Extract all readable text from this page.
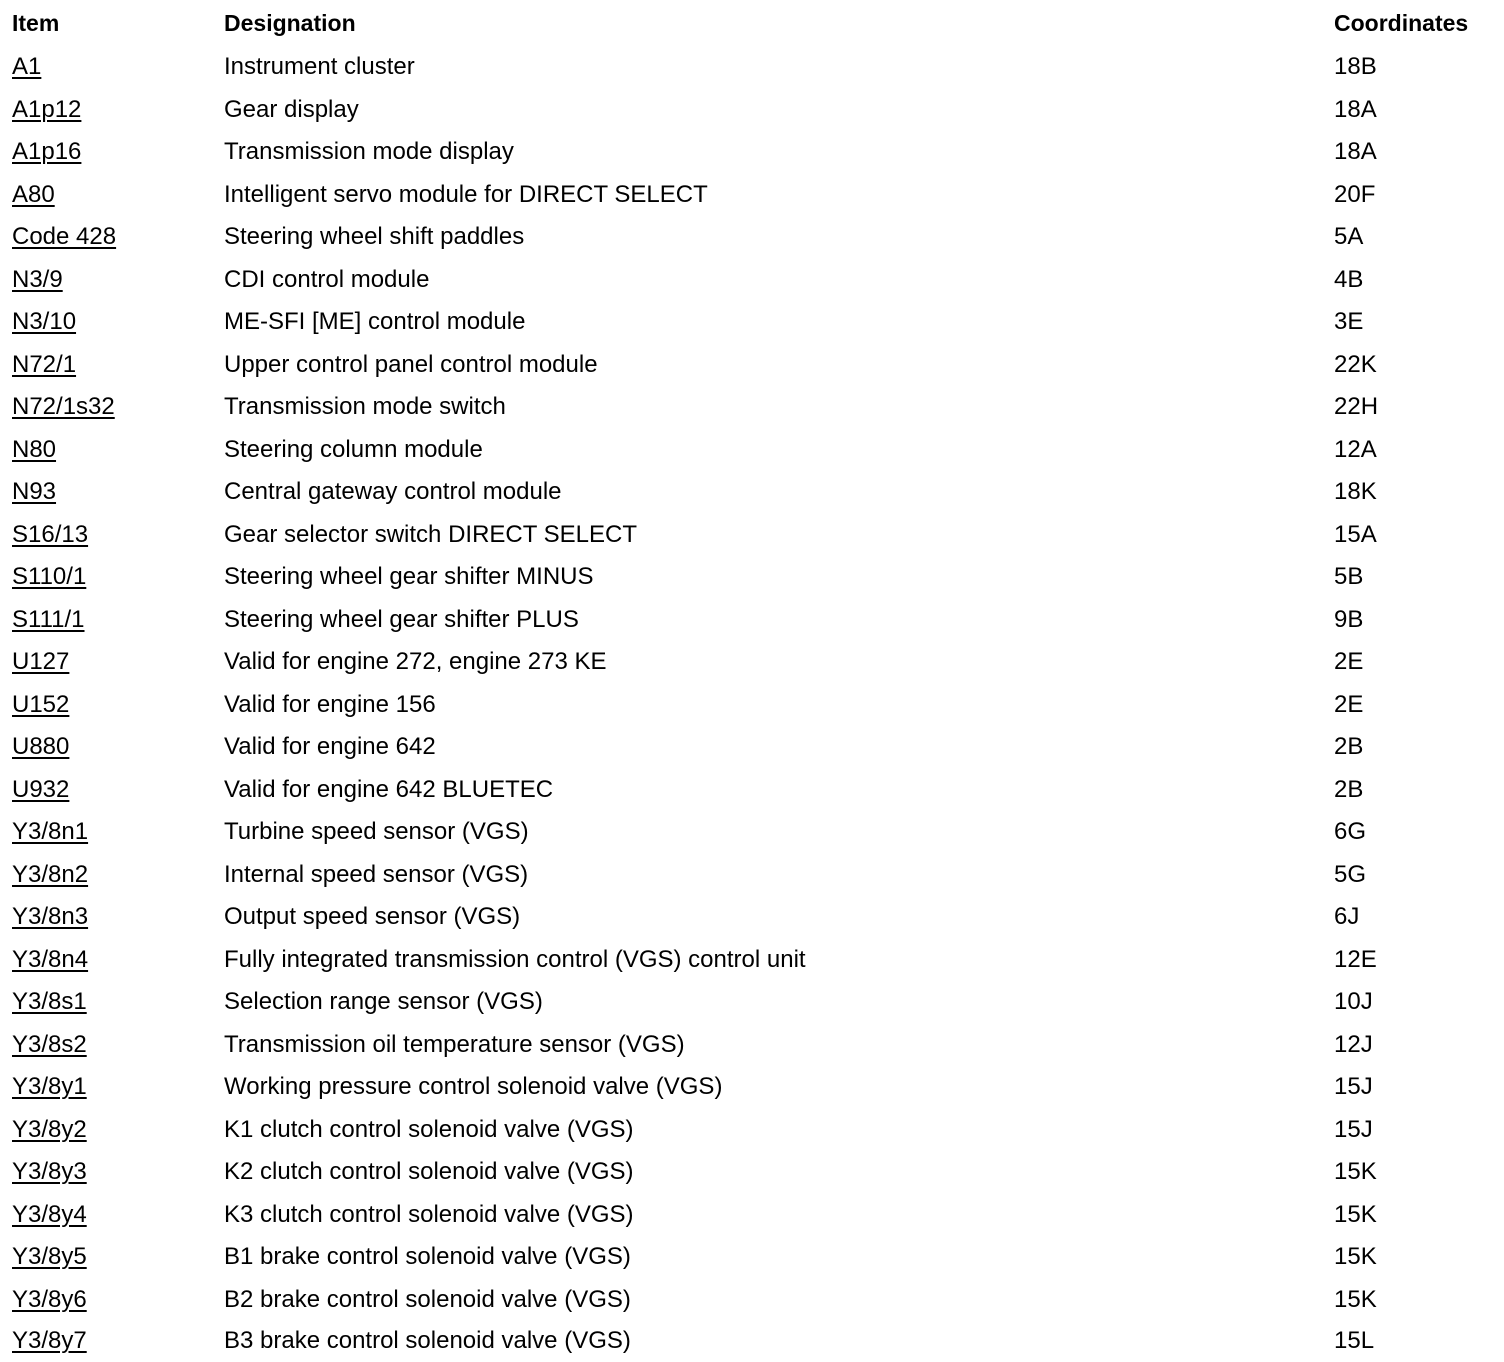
Item	Designation	Coordinates
A1	Instrument cluster	18B
A1p12	Gear display	18A
A1p16	Transmission mode display	18A
A80	Intelligent servo module for DIRECT SELECT	20F
Code 428	Steering wheel shift paddles	5A
N3/9	CDI control module	4B
N3/10	ME-SFI [ME] control module	3E
N72/1	Upper control panel control module	22K
N72/1s32	Transmission mode switch	22H
N80	Steering column module	12A
N93	Central gateway control module	18K
S16/13	Gear selector switch DIRECT SELECT	15A
S110/1	Steering wheel gear shifter MINUS	5B
S111/1	Steering wheel gear shifter PLUS	9B
U127	Valid for engine 272, engine 273 KE	2E
U152	Valid for engine 156	2E
U880	Valid for engine 642	2B
U932	Valid for engine 642 BLUETEC	2B
Y3/8n1	Turbine speed sensor (VGS)	6G
Y3/8n2	Internal speed sensor (VGS)	5G
Y3/8n3	Output speed sensor (VGS)	6J
Y3/8n4	Fully integrated transmission control (VGS) control unit	12E
Y3/8s1	Selection range sensor (VGS)	10J
Y3/8s2	Transmission oil temperature sensor (VGS)	12J
Y3/8y1	Working pressure control solenoid valve (VGS)	15J
Y3/8y2	K1 clutch control solenoid valve (VGS)	15J
Y3/8y3	K2 clutch control solenoid valve (VGS)	15K
Y3/8y4	K3 clutch control solenoid valve (VGS)	15K
Y3/8y5	B1 brake control solenoid valve (VGS)	15K
Y3/8y6	B2 brake control solenoid valve (VGS)	15K
Y3/8y7	B3 brake control solenoid valve (VGS)	15L
